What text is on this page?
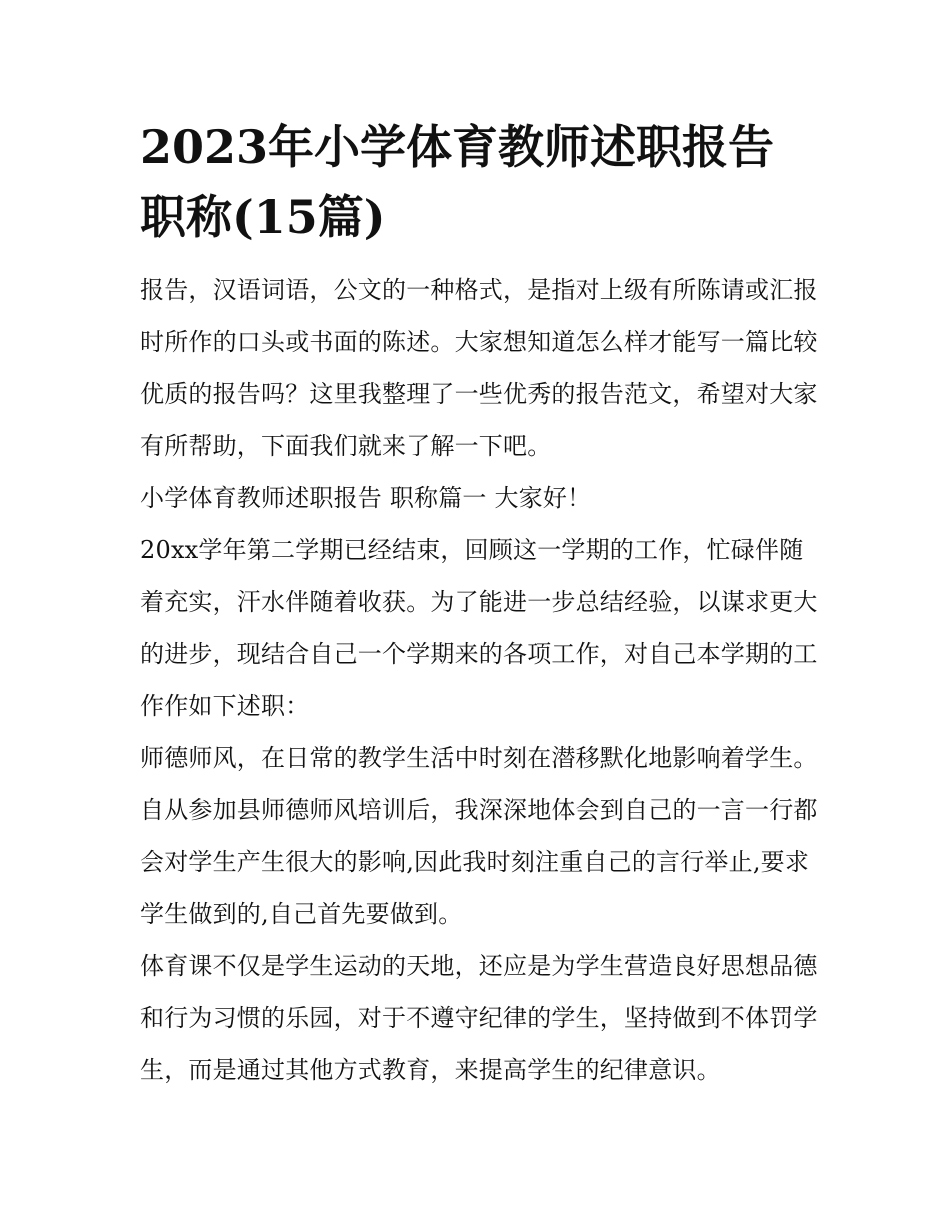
2023年小学体育教师述职报告职称(15篇)

报告，汉语词语，公文的一种格式，是指对上级有所陈请或汇报时所作的口头或书面的陈述。大家想知道怎么样才能写一篇比较优质的报告吗？这里我整理了一些优秀的报告范文，希望对大家有所帮助，下面我们就来了解一下吧。

小学体育教师述职报告 职称篇一 大家好！

20xx学年第二学期已经结束，回顾这一学期的工作，忙碌伴随着充实，汗水伴随着收获。为了能进一步总结经验，以谋求更大的进步，现结合自己一个学期来的各项工作，对自己本学期的工作作如下述职：

师德师风，在日常的教学生活中时刻在潜移默化地影响着学生。自从参加县师德师风培训后，我深深地体会到自己的一言一行都会对学生产生很大的影响,因此我时刻注重自己的言行举止,要求学生做到的,自己首先要做到。

体育课不仅是学生运动的天地，还应是为学生营造良好思想品德和行为习惯的乐园，对于不遵守纪律的学生，坚持做到不体罚学生，而是通过其他方式教育，来提高学生的纪律意识。
